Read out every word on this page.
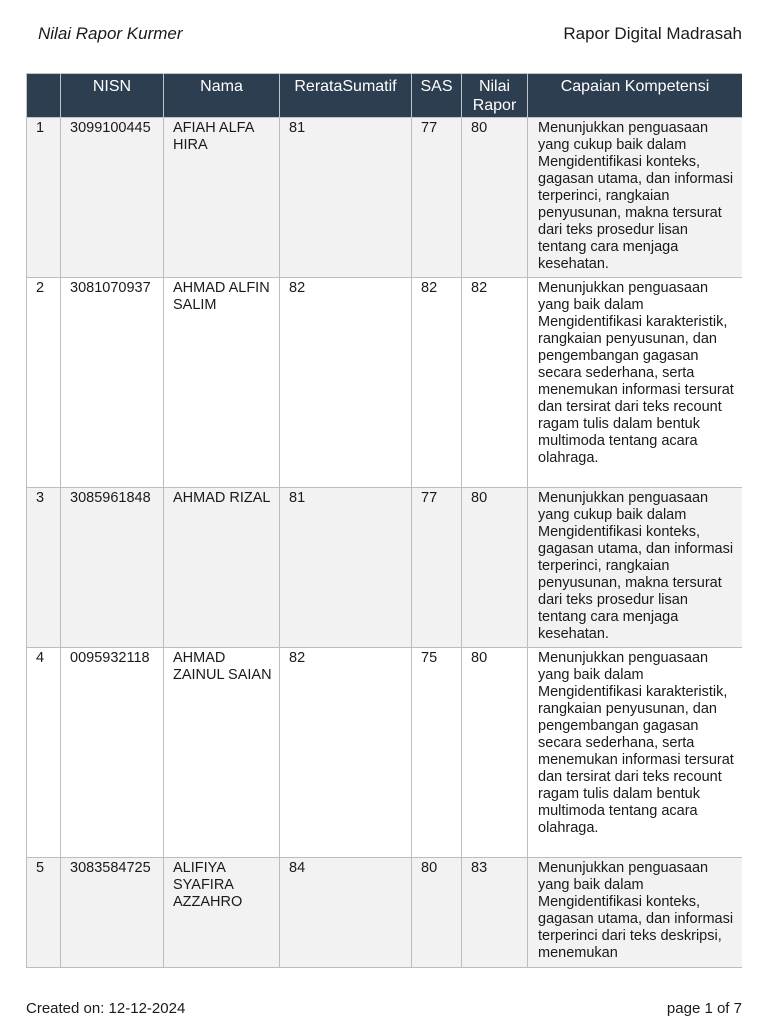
Nilai Rapor Kurmer	Rapor Digital Madrasah
	NISN	Nama	RerataSumatif	SAS	Nilai Rapor	Capaian Kompetensi
1	3099100445	AFIAH ALFA HIRA	81	77	80	Menunjukkan penguasaan yang cukup baik dalam Mengidentifikasi konteks, gagasan utama, dan informasi terperinci, rangkaian penyusunan, makna tersurat dari teks prosedur lisan tentang cara menjaga kesehatan.
2	3081070937	AHMAD ALFIN SALIM	82	82	82	Menunjukkan penguasaan yang baik dalam Mengidentifikasi karakteristik, rangkaian penyusunan, dan pengembangan gagasan secara sederhana, serta menemukan informasi tersurat dan tersirat dari teks recount ragam tulis dalam bentuk multimoda tentang acara olahraga.
3	3085961848	AHMAD RIZAL	81	77	80	Menunjukkan penguasaan yang cukup baik dalam Mengidentifikasi konteks, gagasan utama, dan informasi terperinci, rangkaian penyusunan, makna tersurat dari teks prosedur lisan tentang cara menjaga kesehatan.
4	0095932118	AHMAD ZAINUL SAIAN	82	75	80	Menunjukkan penguasaan yang baik dalam Mengidentifikasi karakteristik, rangkaian penyusunan, dan pengembangan gagasan secara sederhana, serta menemukan informasi tersurat dan tersirat dari teks recount ragam tulis dalam bentuk multimoda tentang acara olahraga.
5	3083584725	ALIFIYA SYAFIRA AZZAHRO	84	80	83	Menunjukkan penguasaan yang baik dalam Mengidentifikasi konteks, gagasan utama, dan informasi terperinci dari teks deskripsi, menemukan
Created on: 12-12-2024	page 1 of 7
